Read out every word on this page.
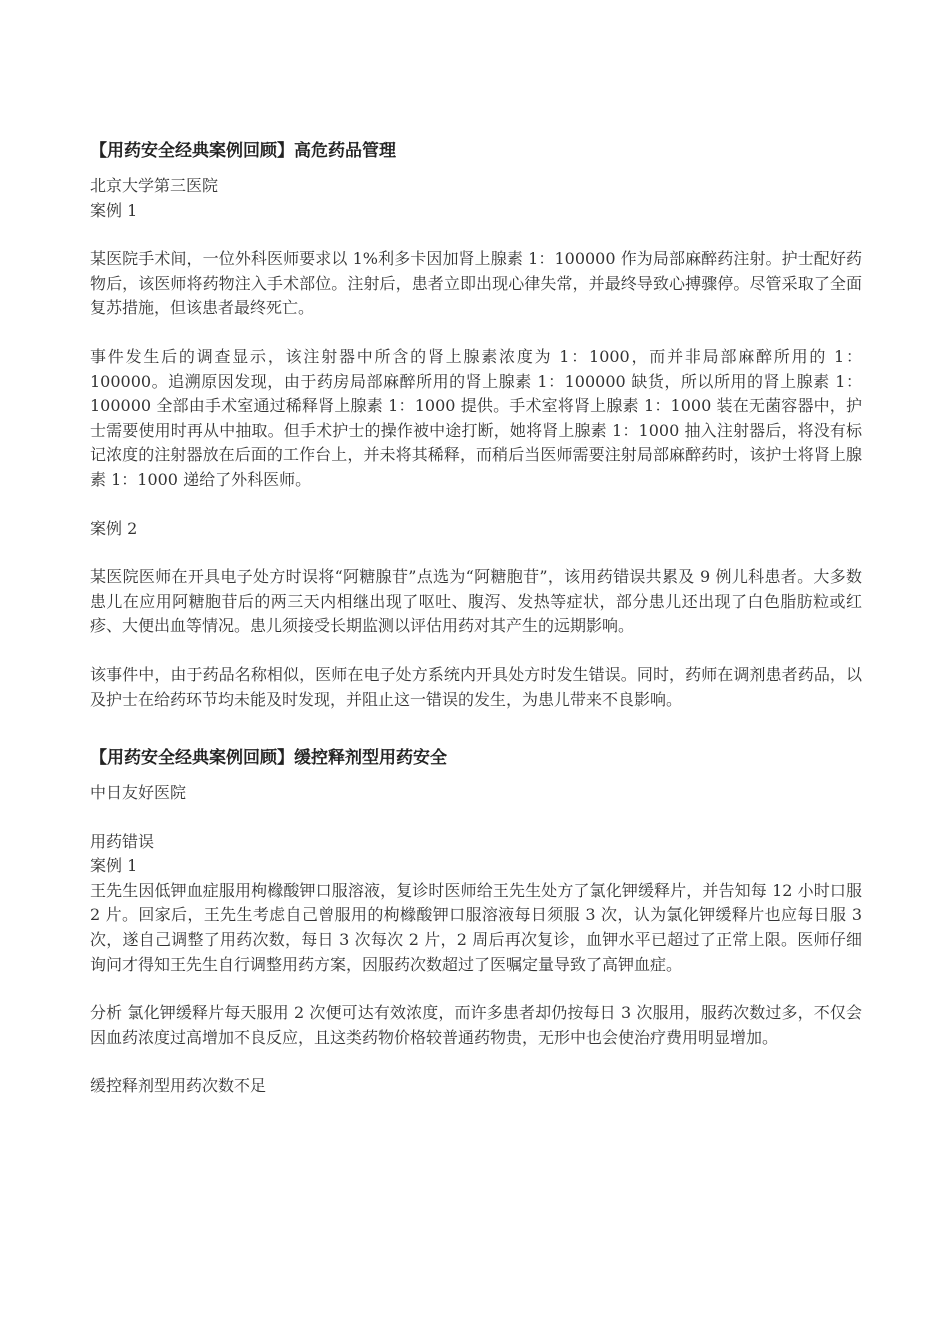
【用药安全经典案例回顾】高危药品管理

北京大学第三医院

案例 1

某医院手术间，一位外科医师要求以 1%利多卡因加肾上腺素 1：100000 作为局部麻醉药注射。护士配好药物后，该医师将药物注入手术部位。注射后，患者立即出现心律失常，并最终导致心搏骤停。尽管采取了全面复苏措施，但该患者最终死亡。

事件发生后的调查显示，该注射器中所含的肾上腺素浓度为 1：1000，而并非局部麻醉所用的 1：100000。追溯原因发现，由于药房局部麻醉所用的肾上腺素 1：100000 缺货，所以所用的肾上腺素 1：100000 全部由手术室通过稀释肾上腺素 1：1000 提供。手术室将肾上腺素 1：1000 装在无菌容器中，护士需要使用时再从中抽取。但手术护士的操作被中途打断，她将肾上腺素 1：1000 抽入注射器后，将没有标记浓度的注射器放在后面的工作台上，并未将其稀释，而稍后当医师需要注射局部麻醉药时，该护士将肾上腺素 1：1000 递给了外科医师。

案例 2

某医院医师在开具电子处方时误将“阿糖腺苷”点选为“阿糖胞苷”，该用药错误共累及 9 例儿科患者。大多数患儿在应用阿糖胞苷后的两三天内相继出现了呕吐、腹泻、发热等症状，部分患儿还出现了白色脂肪粒或红疹、大便出血等情况。患儿须接受长期监测以评估用药对其产生的远期影响。

该事件中，由于药品名称相似，医师在电子处方系统内开具处方时发生错误。同时，药师在调剂患者药品，以及护士在给药环节均未能及时发现，并阻止这一错误的发生，为患儿带来不良影响。

【用药安全经典案例回顾】缓控释剂型用药安全

中日友好医院

用药错误

案例 1

王先生因低钾血症服用枸橼酸钾口服溶液，复诊时医师给王先生处方了氯化钾缓释片，并告知每 12 小时口服 2 片。回家后，王先生考虑自己曾服用的枸橼酸钾口服溶液每日须服 3 次，认为氯化钾缓释片也应每日服 3 次，遂自己调整了用药次数，每日 3 次每次 2 片，2 周后再次复诊，血钾水平已超过了正常上限。医师仔细询问才得知王先生自行调整用药方案，因服药次数超过了医嘱定量导致了高钾血症。

分析 氯化钾缓释片每天服用 2 次便可达有效浓度，而许多患者却仍按每日 3 次服用，服药次数过多，不仅会因血药浓度过高增加不良反应，且这类药物价格较普通药物贵，无形中也会使治疗费用明显增加。

缓控释剂型用药次数不足
